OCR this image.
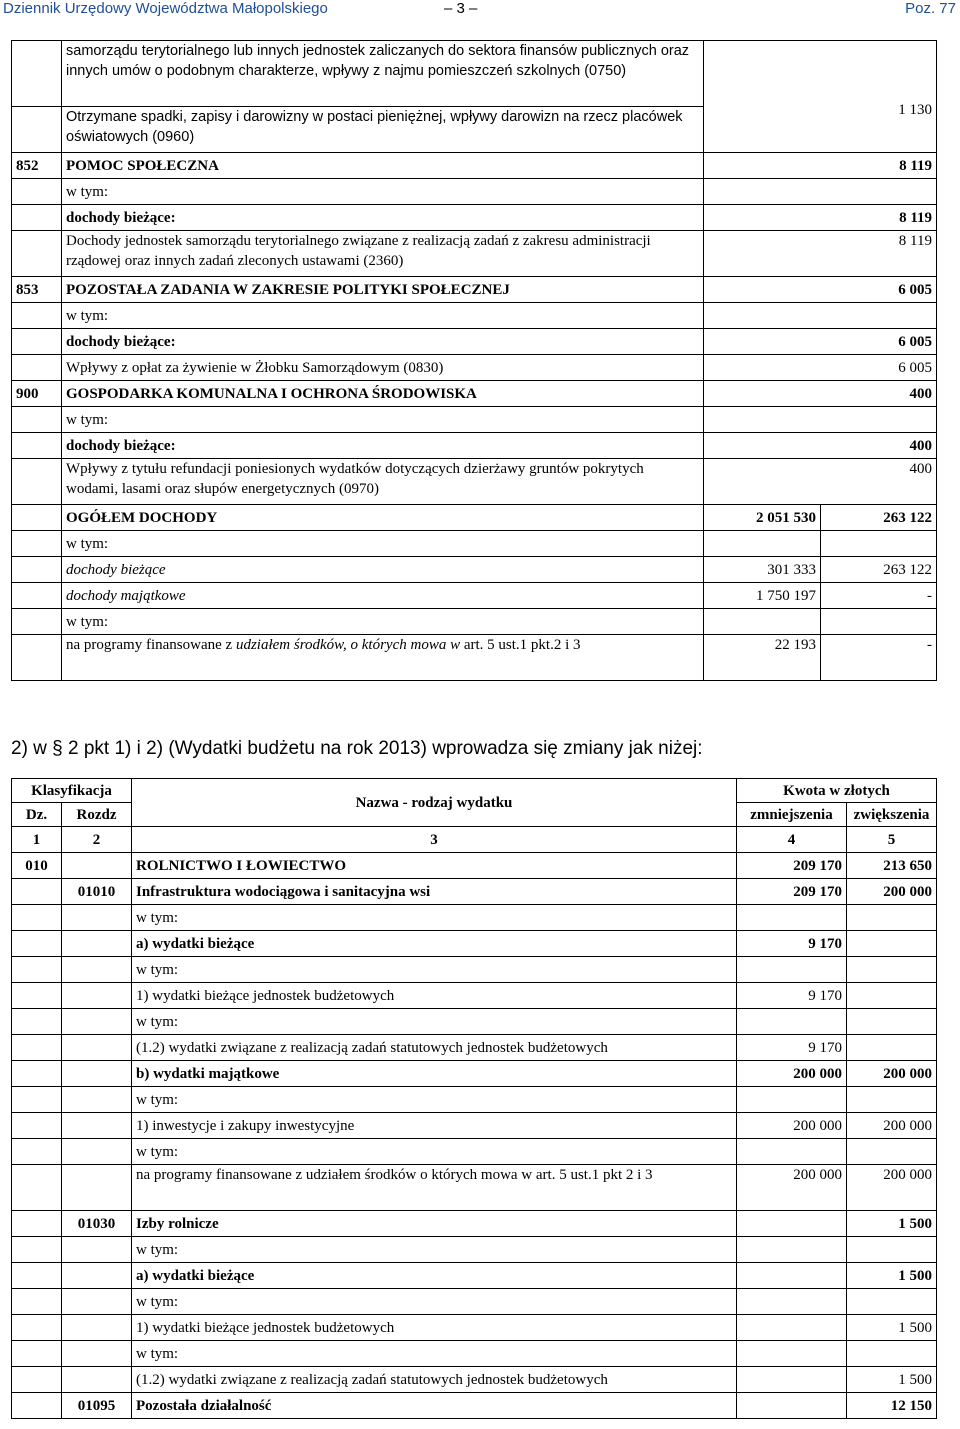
Dziennik Urzędowy Województwa Małopolskiego	– 3 –	Poz. 77
	samorządu terytorialnego lub innych jednostek zaliczanych do sektora finansów publicznych oraz innych umów o podobnym charakterze, wpływy z najmu pomieszczeń szkolnych (0750)	1 130	
	Otrzymane spadki, zapisy i darowizny w postaci pieniężnej, wpływy darowizn na rzecz placówek oświatowych (0960)		
852	POMOC SPOŁECZNA	8 119	
	w tym:		
	dochody bieżące:	8 119	
	Dochody jednostek samorządu terytorialnego związane z realizacją zadań z zakresu administracji rządowej oraz innych zadań zleconych ustawami (2360)	8 119	
853	POZOSTAŁA ZADANIA W ZAKRESIE POLITYKI SPOŁECZNEJ	6 005	
	w tym:		
	dochody bieżące:	6 005	
	Wpływy z opłat za żywienie w Żłobku Samorządowym (0830)	6 005	
900	GOSPODARKA KOMUNALNA I OCHRONA ŚRODOWISKA	400	
	w tym:		
	dochody bieżące:	400	
	Wpływy z tytułu refundacji poniesionych wydatków dotyczących dzierżawy gruntów pokrytych wodami, lasami oraz słupów energetycznych (0970)	400	
	OGÓŁEM DOCHODY	2 051 530	263 122
	w tym:		
	dochody bieżące	301 333	263 122
	dochody majątkowe	1 750 197	-
	w tym:		
	na programy finansowane z udziałem środków, o których mowa w art. 5 ust.1 pkt.2 i 3	22 193	-
2) w § 2 pkt 1) i 2) (Wydatki budżetu na rok 2013) wprowadza się zmiany jak niżej:
Klasyfikacja		Nazwa - rodzaj wydatku	Kwota w złotych	
Dz.	Rozdz		zmniejszenia	zwiększenia
1	2	3	4	5
010		ROLNICTWO I ŁOWIECTWO	209 170	213 650
	01010	Infrastruktura wodociągowa i sanitacyjna wsi	209 170	200 000
		w tym:		
		a) wydatki bieżące	9 170	
		w tym:		
		1) wydatki bieżące jednostek budżetowych	9 170	
		w tym:		
		(1.2) wydatki związane z realizacją zadań statutowych jednostek budżetowych	9 170	
		b) wydatki majątkowe	200 000	200 000
		w tym:		
		1) inwestycje i zakupy inwestycyjne	200 000	200 000
		w tym:		
		na programy finansowane z udziałem środków o których mowa w art. 5 ust.1 pkt 2 i 3	200 000	200 000
	01030	Izby rolnicze		1 500
		w tym:		
		a) wydatki bieżące		1 500
		w tym:		
		1) wydatki bieżące jednostek budżetowych		1 500
		w tym:		
		(1.2) wydatki związane z realizacją zadań statutowych jednostek budżetowych		1 500
	01095	Pozostała działalność		12 150
